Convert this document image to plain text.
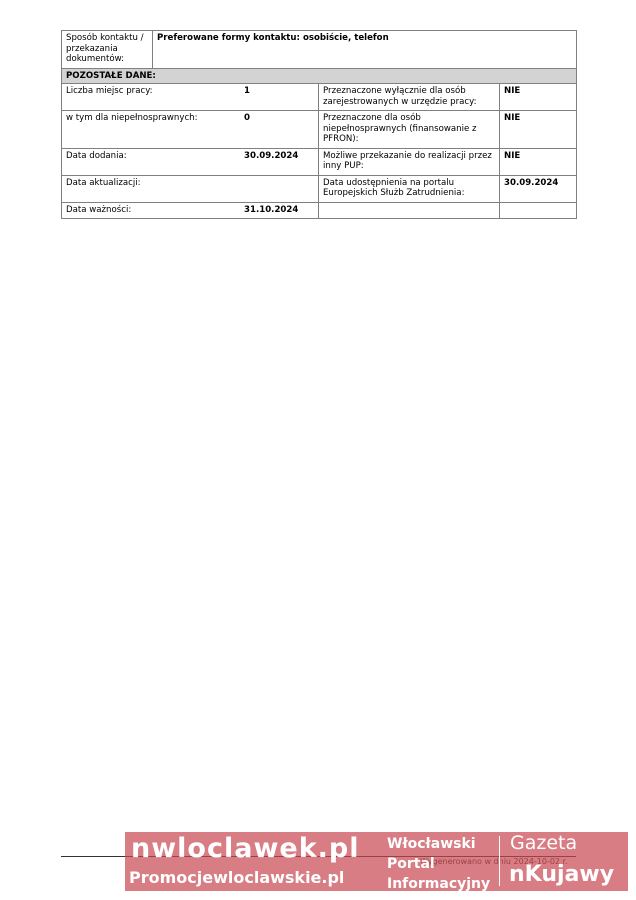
Sposób kontaktu / przekazania dokumentów:	Preferowane formy kontaktu: osobiście, telefon		
POZOSTAŁE DANE:			

Liczba miejsc pracy: 1		Przeznaczone wyłącznie dla osób zarejestrowanych w urzędzie pracy:	NIE

w tym dla niepełnosprawnych: 0		Przeznaczone dla osób niepełnosprawnych (finansowanie z PFRON):	NIE

Data dodania: 30.09.2024		Możliwe przekazanie do realizacji przez inny PUP:	NIE

Data aktualizacji:		Data udostępnienia na portalu Europejskich Służb Zatrudnienia:	30.09.2024

Data ważności: 31.10.2024			

nwloclawek.pl
Promocjewloclawskie.pl
Włocławski Portal Informacyjny
Gazeta
nKujawy
